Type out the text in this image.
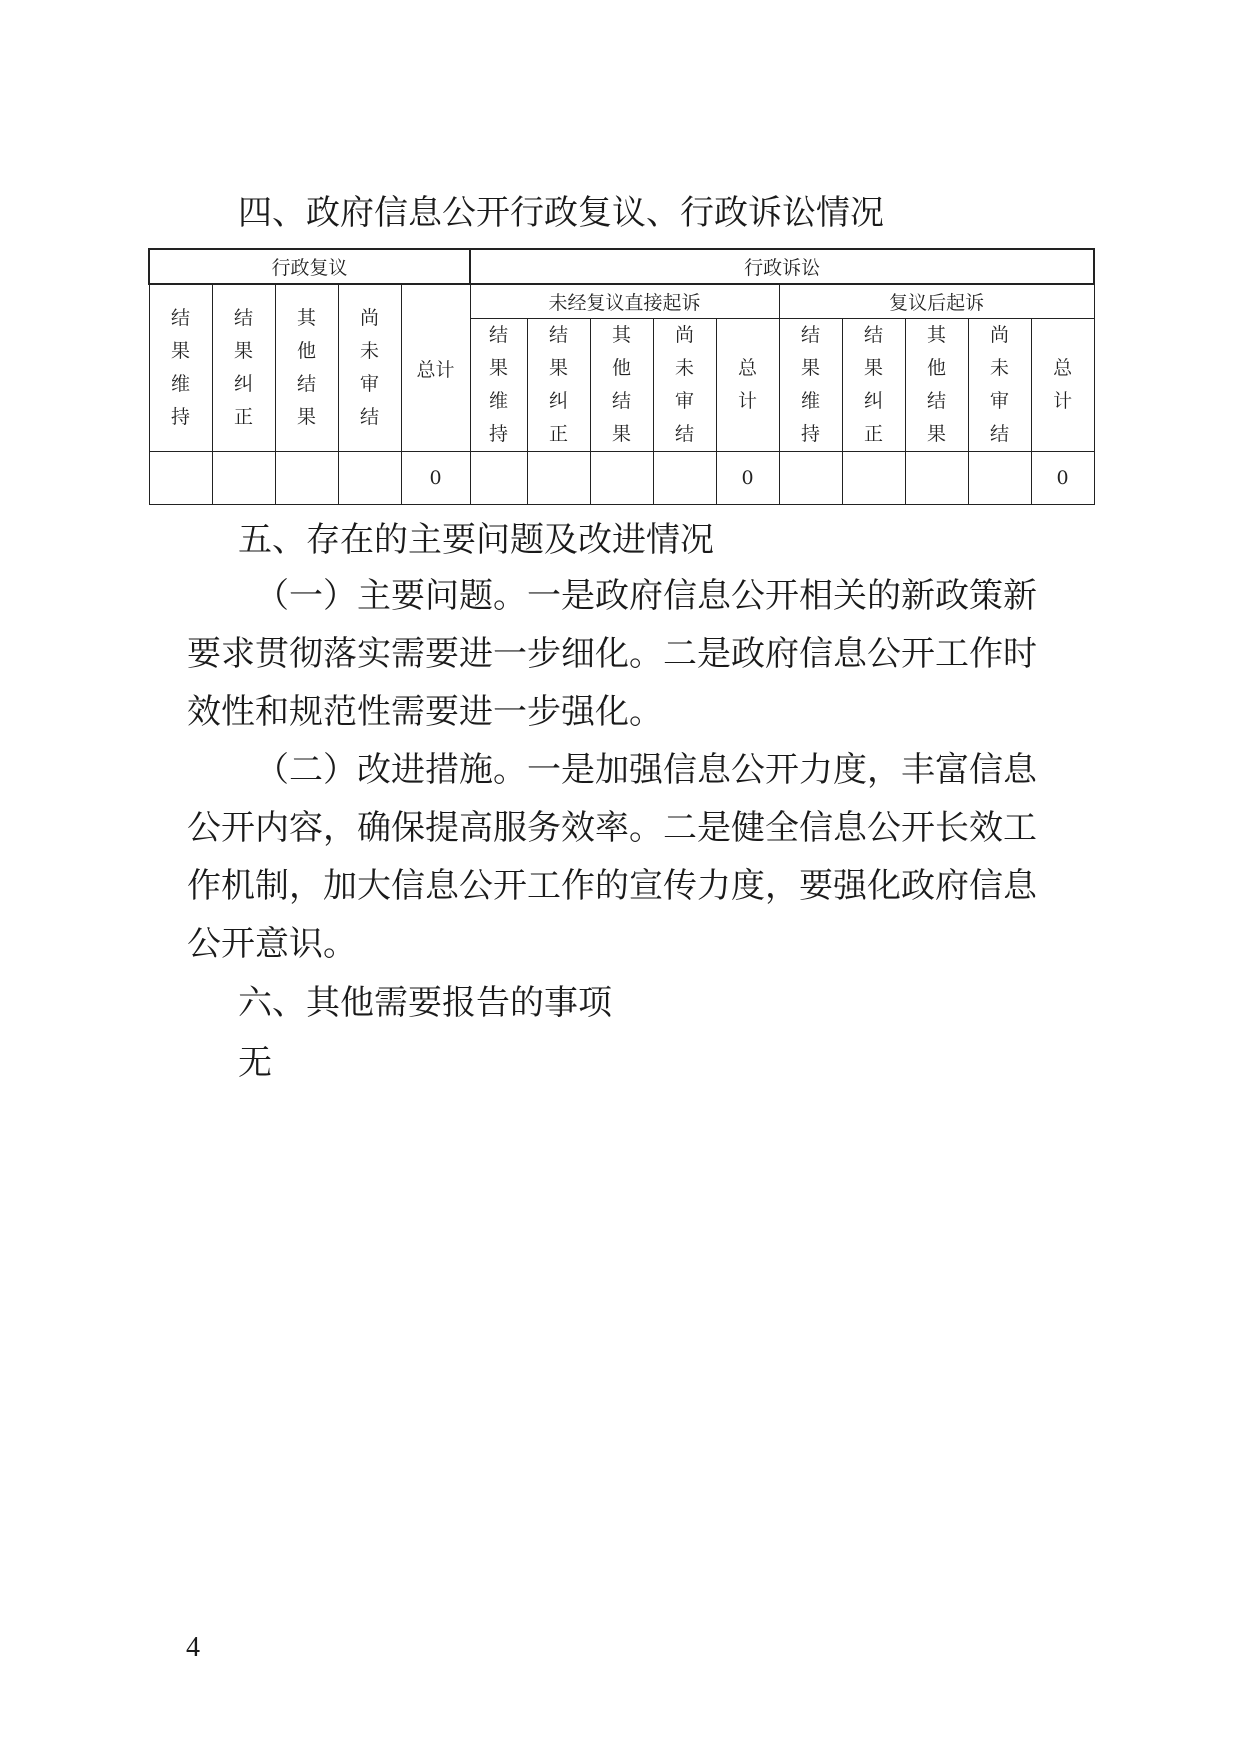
四、政府信息公开行政复议、行政诉讼情况
行政复议					行政诉讼									
结果维持	结果纠正	其他结果	尚未审结	总计	未经复议直接起诉					复议后起诉				
					结果维持	结果纠正	其他结果	尚未审结	总计	结果维持	结果纠正	其他结果	尚未审结	总计
				0					0					0
五、存在的主要问题及改进情况

（一）主要问题。一是政府信息公开相关的新政策新要求贯彻落实需要进一步细化。二是政府信息公开工作时效性和规范性需要进一步强化。

（二）改进措施。一是加强信息公开力度，丰富信息公开内容，确保提高服务效率。二是健全信息公开长效工作机制，加大信息公开工作的宣传力度，要强化政府信息公开意识。

六、其他需要报告的事项
无
4
